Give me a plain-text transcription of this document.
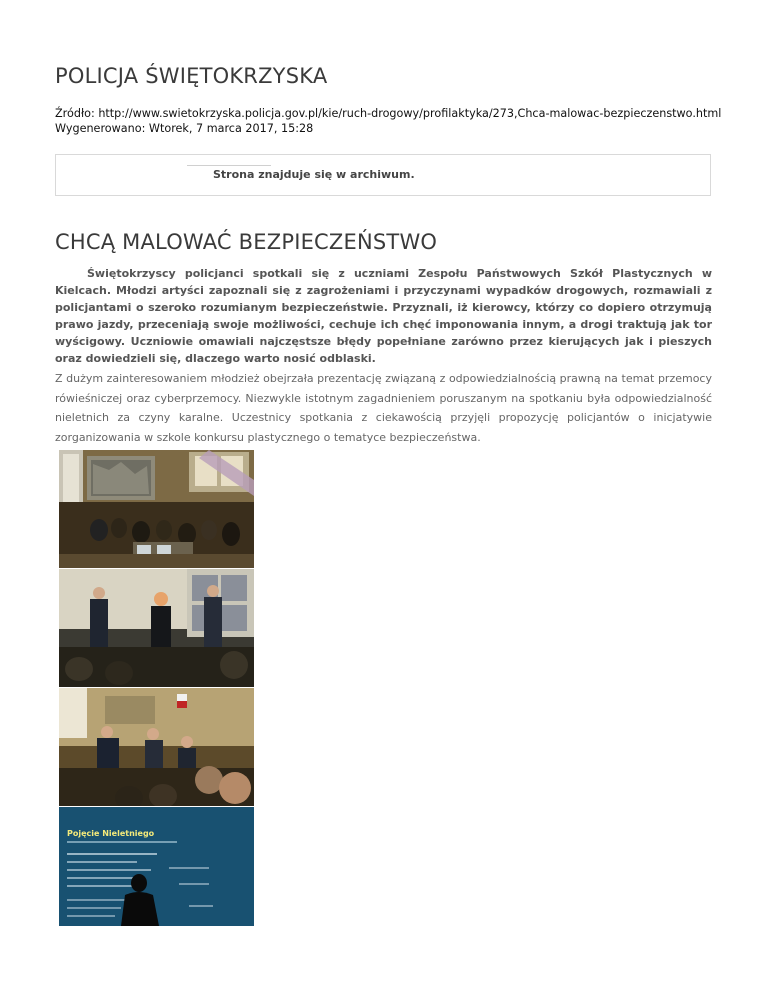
POLICJA ŚWIĘTOKRZYSKA
Źródło: http://www.swietokrzyska.policja.gov.pl/kie/ruch-drogowy/profilaktyka/273,Chca-malowac-bezpieczenstwo.html
Wygenerowano: Wtorek, 7 marca 2017, 15:28
Strona znajduje się w archiwum.
CHCĄ MALOWAĆ BEZPIECZEŃSTWO

Świętokrzyscy policjanci spotkali się z uczniami Zespołu Państwowych Szkół Plastycznych w Kielcach. Młodzi artyści zapoznali się z zagrożeniami i przyczynami wypadków drogowych, rozmawiali z policjantami o szeroko rozumianym bezpieczeństwie. Przyznali, iż kierowcy, którzy co dopiero otrzymują prawo jazdy, przeceniają swoje możliwości, cechuje ich chęć imponowania innym, a drogi traktują jak tor wyścigowy. Uczniowie omawiali najczęstsze błędy popełniane zarówno przez kierujących jak i pieszych oraz dowiedzieli się, dlaczego warto nosić odblaski.

Z dużym zainteresowaniem młodzież obejrzała prezentację związaną z odpowiedzialnością prawną na temat przemocy rówieśniczej oraz cyberprzemocy. Niezwykle istotnym zagadnieniem poruszanym na spotkaniu była odpowiedzialność nieletnich za czyny karalne. Uczestnicy spotkania z ciekawością przyjęli propozycję policjantów o inicjatywie zorganizowania w szkole konkursu plastycznego o tematyce bezpieczeństwa.

Pojęcie Nieletniego
